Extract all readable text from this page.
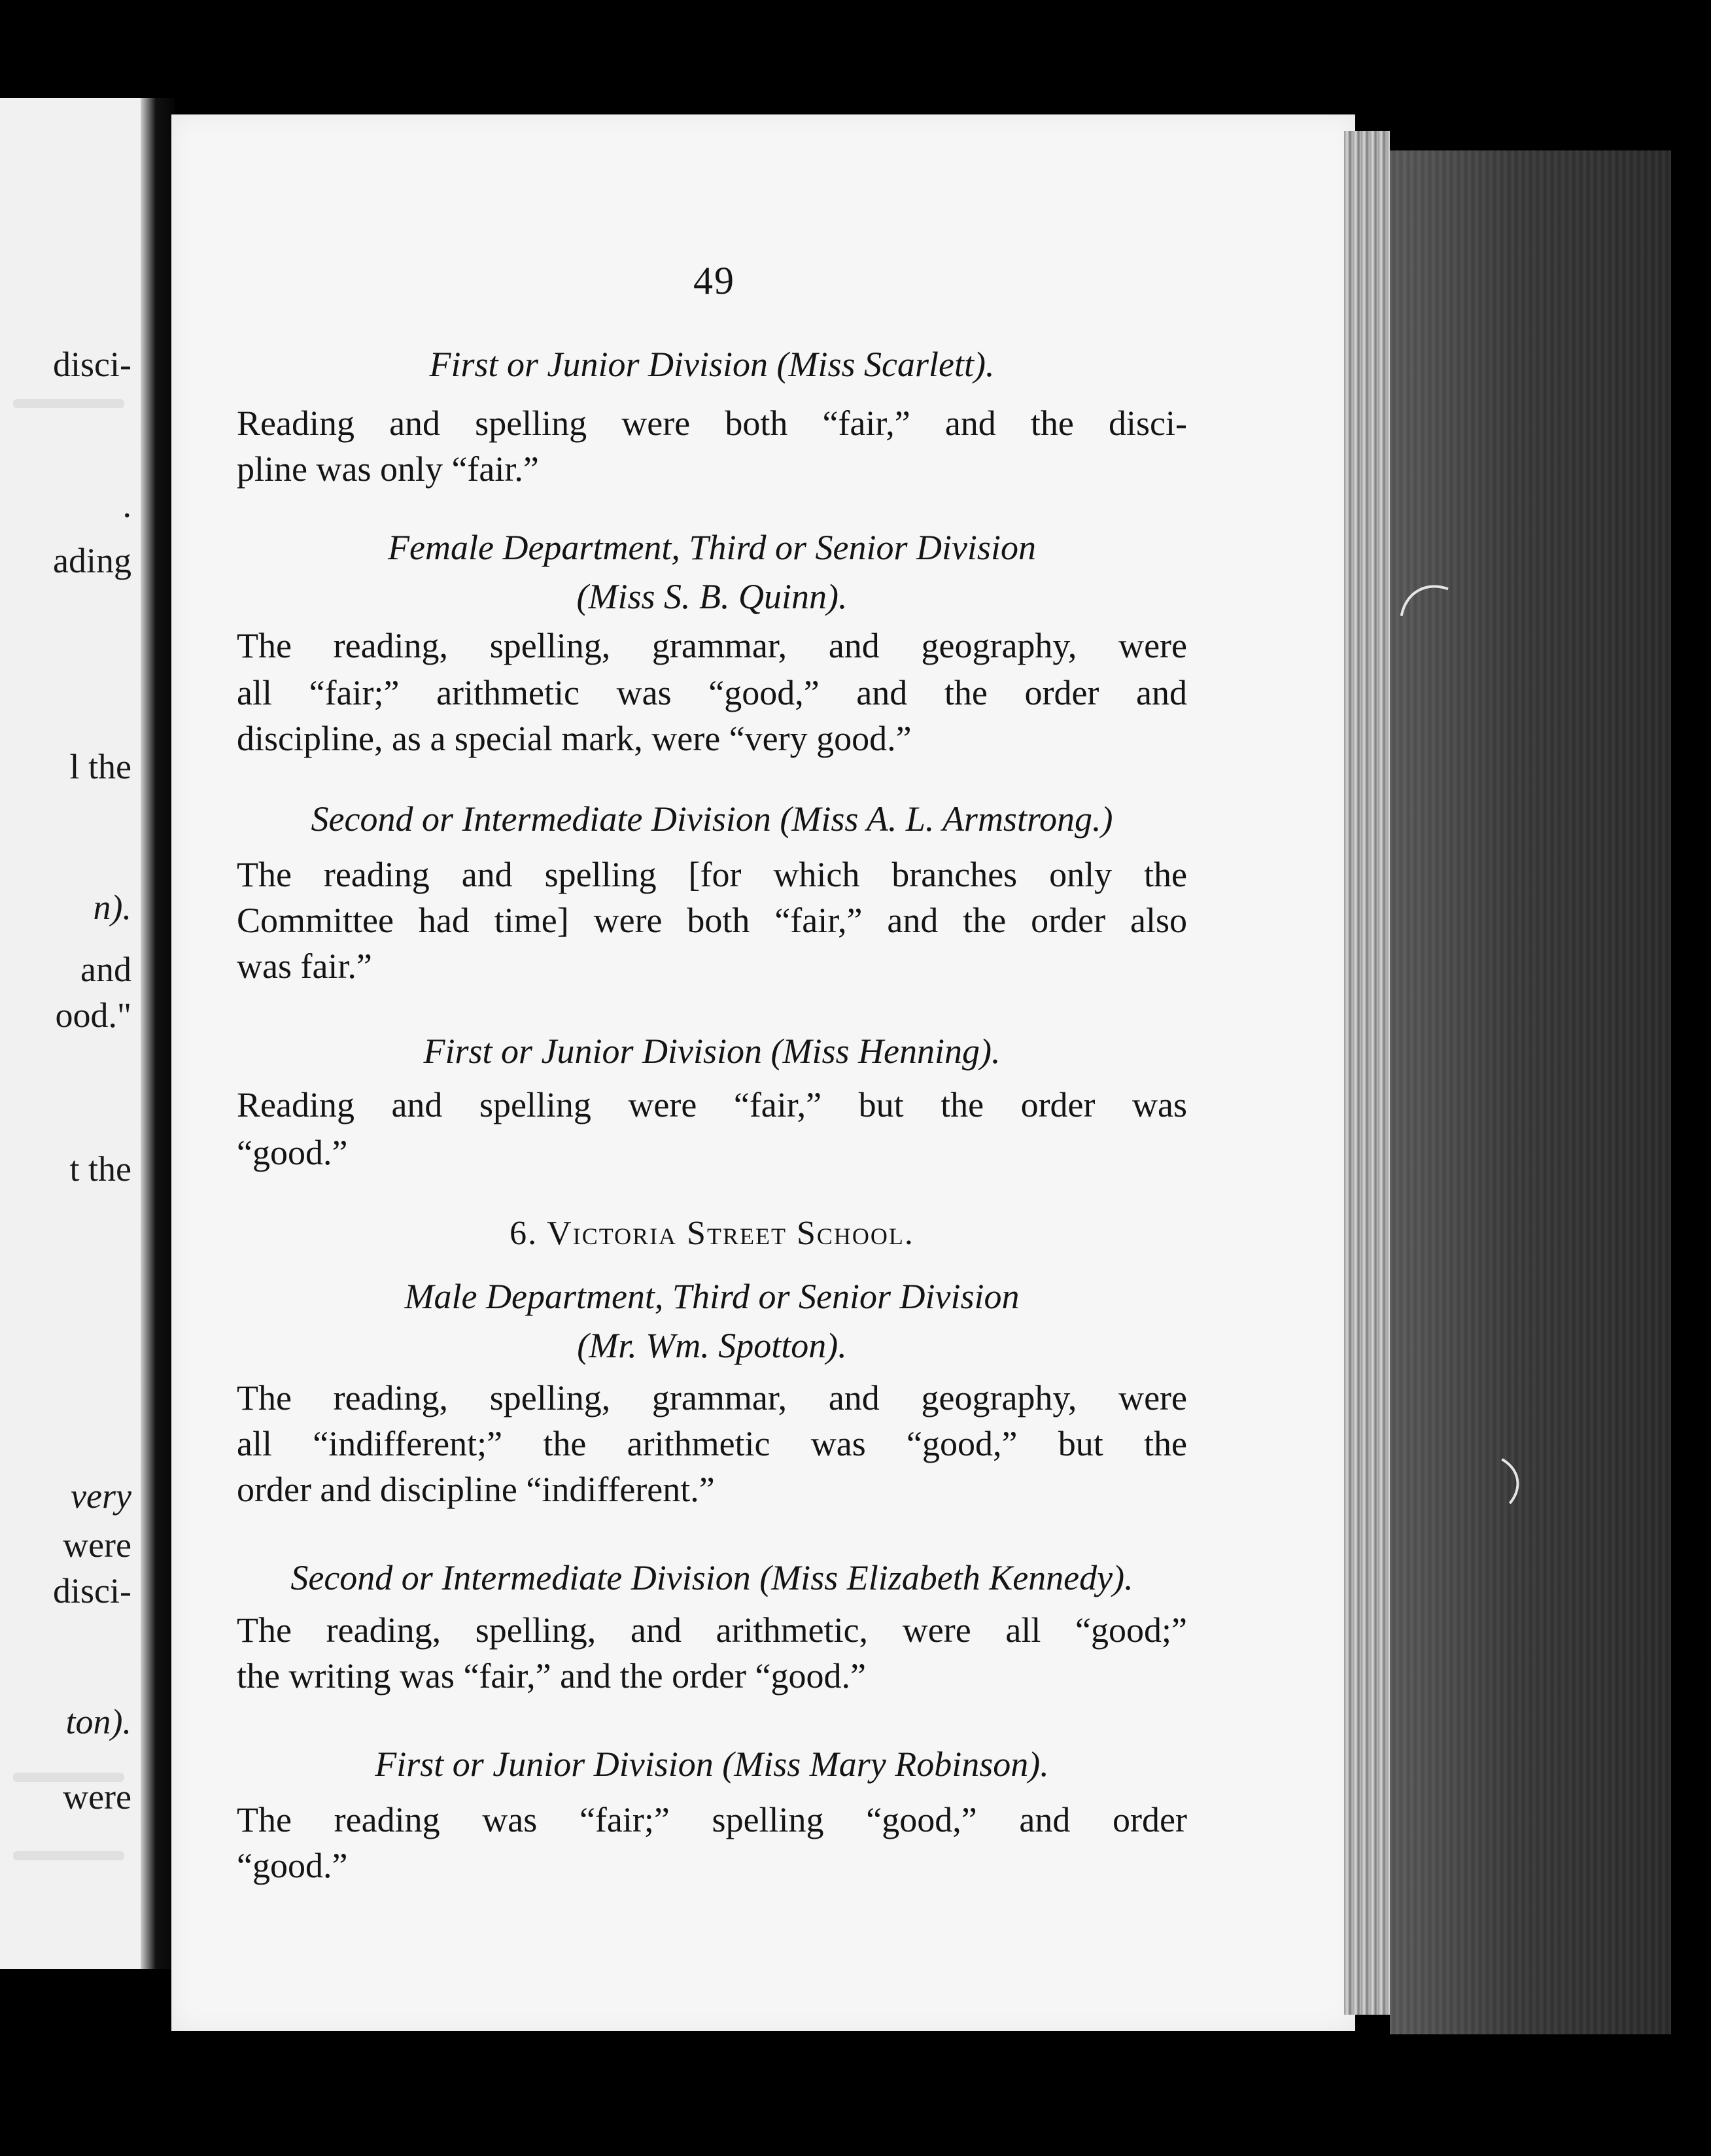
disci-
.
ading
l the
n).
and
ood."
t the
very
were
disci-
ton).
were
49
First or Junior Division (Miss Scarlett).
Reading and spelling were both “fair,” and the disci-
pline was only “fair.”
Female Department, Third or Senior Division
(Miss S. B. Quinn).
The reading, spelling, grammar, and geography, were
all “fair;” arithmetic was “good,” and the order and
discipline, as a special mark, were “very good.”
Second or Intermediate Division (Miss A. L. Armstrong.)
The reading and spelling [for which branches only the
Committee had time] were both “fair,” and the order also
was fair.”
First or Junior Division (Miss Henning).
Reading and spelling were “fair,” but the order was
“good.”
6. Victoria Street School.
Male Department, Third or Senior Division
(Mr. Wm. Spotton).
The reading, spelling, grammar, and geography, were
all “indifferent;” the arithmetic was “good,” but the
order and discipline “indifferent.”
Second or Intermediate Division (Miss Elizabeth Kennedy).
The reading, spelling, and arithmetic, were all “good;”
the writing was “fair,” and the order “good.”
First or Junior Division (Miss Mary Robinson).
The reading was “fair;” spelling “good,” and order
“good.”
